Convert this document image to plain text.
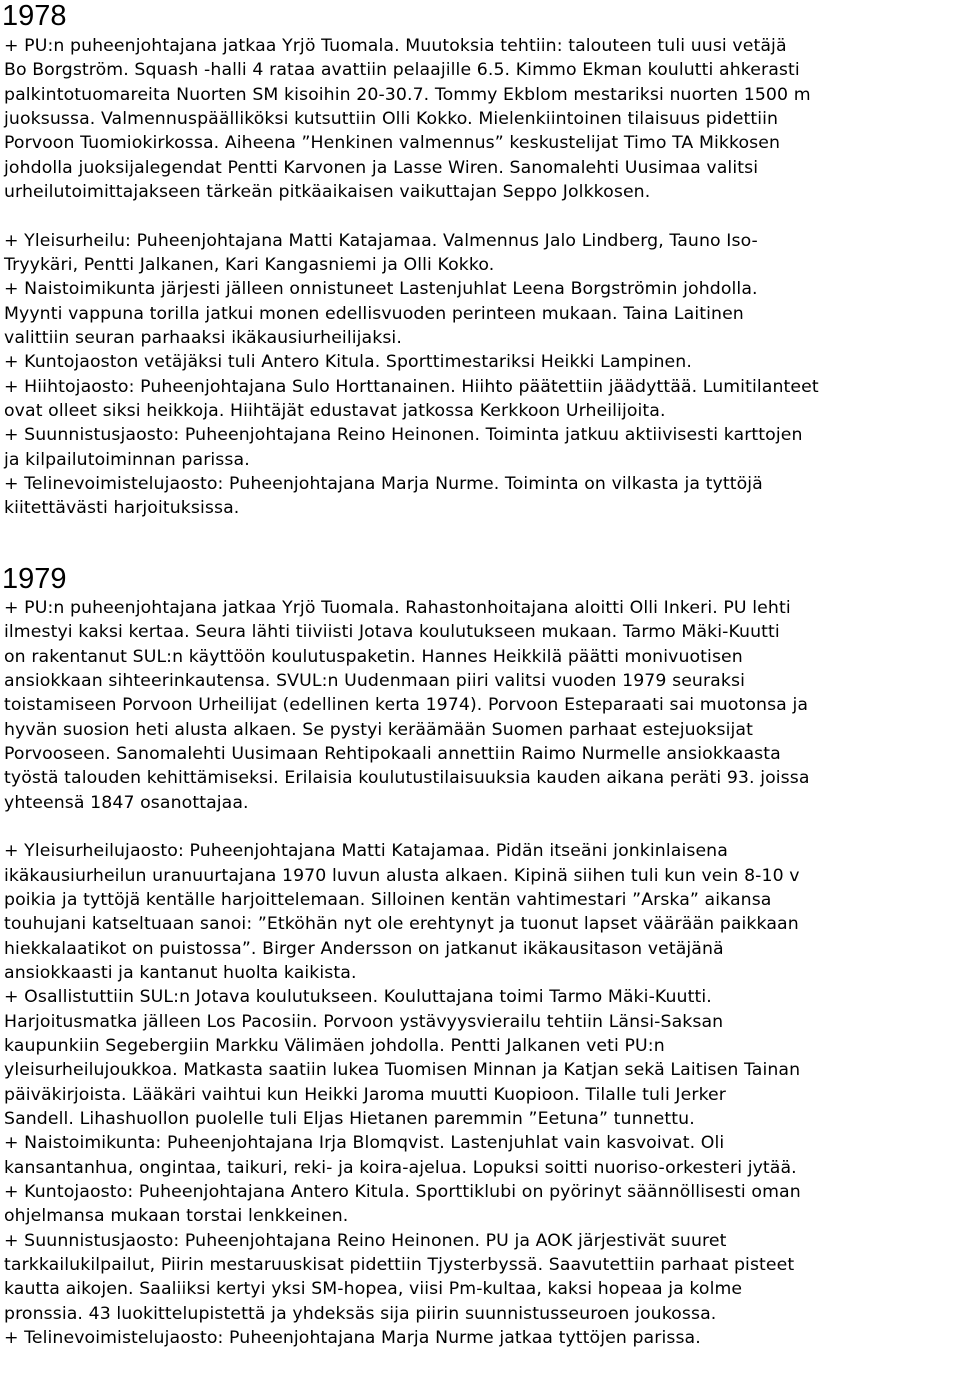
1978
+ PU:n puheenjohtajana jatkaa Yrjö Tuomala. Muutoksia tehtiin: talouteen tuli uusi vetäjä
Bo Borgström. Squash -halli 4 rataa avattiin pelaajille 6.5. Kimmo Ekman koulutti ahkerasti
palkintotuomareita Nuorten SM kisoihin 20-30.7. Tommy Ekblom mestariksi nuorten 1500 m
juoksussa. Valmennuspäälliköksi kutsuttiin Olli Kokko. Mielenkiintoinen tilaisuus pidettiin
Porvoon Tuomiokirkossa. Aiheena ”Henkinen valmennus” keskustelijat Timo TA Mikkosen
johdolla juoksijalegendat Pentti Karvonen ja Lasse Wiren. Sanomalehti Uusimaa valitsi
urheilutoimittajakseen tärkeän pitkäaikaisen vaikuttajan Seppo Jolkkosen.
+ Yleisurheilu: Puheenjohtajana Matti Katajamaa. Valmennus Jalo Lindberg, Tauno Iso-
Tryykäri, Pentti Jalkanen, Kari Kangasniemi ja Olli Kokko.
+ Naistoimikunta järjesti jälleen onnistuneet Lastenjuhlat Leena Borgströmin johdolla.
Myynti vappuna torilla jatkui monen edellisvuoden perinteen mukaan. Taina Laitinen
valittiin seuran parhaaksi ikäkausiurheilijaksi.
+ Kuntojaoston vetäjäksi tuli Antero Kitula. Sporttimestariksi Heikki Lampinen.
+ Hiihtojaosto: Puheenjohtajana Sulo Horttanainen. Hiihto päätettiin jäädyttää. Lumitilanteet
ovat olleet siksi heikkoja. Hiihtäjät edustavat jatkossa Kerkkoon Urheilijoita.
+ Suunnistusjaosto: Puheenjohtajana Reino Heinonen. Toiminta jatkuu aktiivisesti karttojen
ja kilpailutoiminnan parissa.
+ Telinevoimistelujaosto: Puheenjohtajana Marja Nurme. Toiminta on vilkasta ja tyttöjä
kiitettävästi harjoituksissa.
1979
+ PU:n puheenjohtajana jatkaa Yrjö Tuomala. Rahastonhoitajana aloitti Olli Inkeri. PU lehti
ilmestyi kaksi kertaa. Seura lähti tiiviisti Jotava koulutukseen mukaan. Tarmo Mäki-Kuutti
on rakentanut SUL:n käyttöön koulutuspaketin. Hannes Heikkilä päätti monivuotisen
ansiokkaan sihteerinkautensa. SVUL:n Uudenmaan piiri valitsi vuoden 1979 seuraksi
toistamiseen Porvoon Urheilijat (edellinen kerta 1974). Porvoon Esteparaati sai muotonsa ja
hyvän suosion heti alusta alkaen. Se pystyi keräämään Suomen parhaat estejuoksijat
Porvooseen. Sanomalehti Uusimaan Rehtipokaali annettiin Raimo Nurmelle ansiokkaasta
työstä talouden kehittämiseksi. Erilaisia koulutustilaisuuksia kauden aikana peräti 93. joissa
yhteensä 1847 osanottajaa.
+ Yleisurheilujaosto: Puheenjohtajana Matti Katajamaa. Pidän itseäni jonkinlaisena
ikäkausiurheilun uranuurtajana 1970 luvun alusta alkaen. Kipinä siihen tuli kun vein 8-10 v
poikia ja tyttöjä kentälle harjoittelemaan. Silloinen kentän vahtimestari ”Arska” aikansa
touhujani katseltuaan sanoi: ”Etköhän nyt ole erehtynyt ja tuonut lapset väärään paikkaan
hiekkalaatikot on puistossa”. Birger Andersson on jatkanut ikäkausitason vetäjänä
ansiokkaasti ja kantanut huolta kaikista.
+ Osallistuttiin SUL:n Jotava koulutukseen. Kouluttajana toimi Tarmo Mäki-Kuutti.
Harjoitusmatka jälleen Los Pacosiin. Porvoon ystävyysvierailu tehtiin Länsi-Saksan
kaupunkiin Segebergiin Markku Välimäen johdolla. Pentti Jalkanen veti PU:n
yleisurheilujoukkoa. Matkasta saatiin lukea Tuomisen Minnan ja Katjan sekä Laitisen Tainan
päiväkirjoista. Lääkäri vaihtui kun Heikki Jaroma muutti Kuopioon. Tilalle tuli Jerker
Sandell. Lihashuollon puolelle tuli Eljas Hietanen paremmin ”Eetuna” tunnettu.
+ Naistoimikunta: Puheenjohtajana Irja Blomqvist. Lastenjuhlat vain kasvoivat. Oli
kansantanhua, ongintaa, taikuri, reki- ja koira-ajelua. Lopuksi soitti nuoriso-orkesteri jytää.
+ Kuntojaosto: Puheenjohtajana Antero Kitula. Sporttiklubi on pyörinyt säännöllisesti oman
ohjelmansa mukaan torstai lenkkeinen.
+ Suunnistusjaosto: Puheenjohtajana Reino Heinonen. PU ja AOK järjestivät suuret
tarkkailukilpailut, Piirin mestaruuskisat pidettiin Tjysterbyssä. Saavutettiin parhaat pisteet
kautta aikojen. Saaliiksi kertyi yksi SM-hopea, viisi Pm-kultaa, kaksi hopeaa ja kolme
pronssia. 43 luokittelupistettä ja yhdeksäs sija piirin suunnistusseuroen joukossa.
+ Telinevoimistelujaosto: Puheenjohtajana Marja Nurme jatkaa tyttöjen parissa.
